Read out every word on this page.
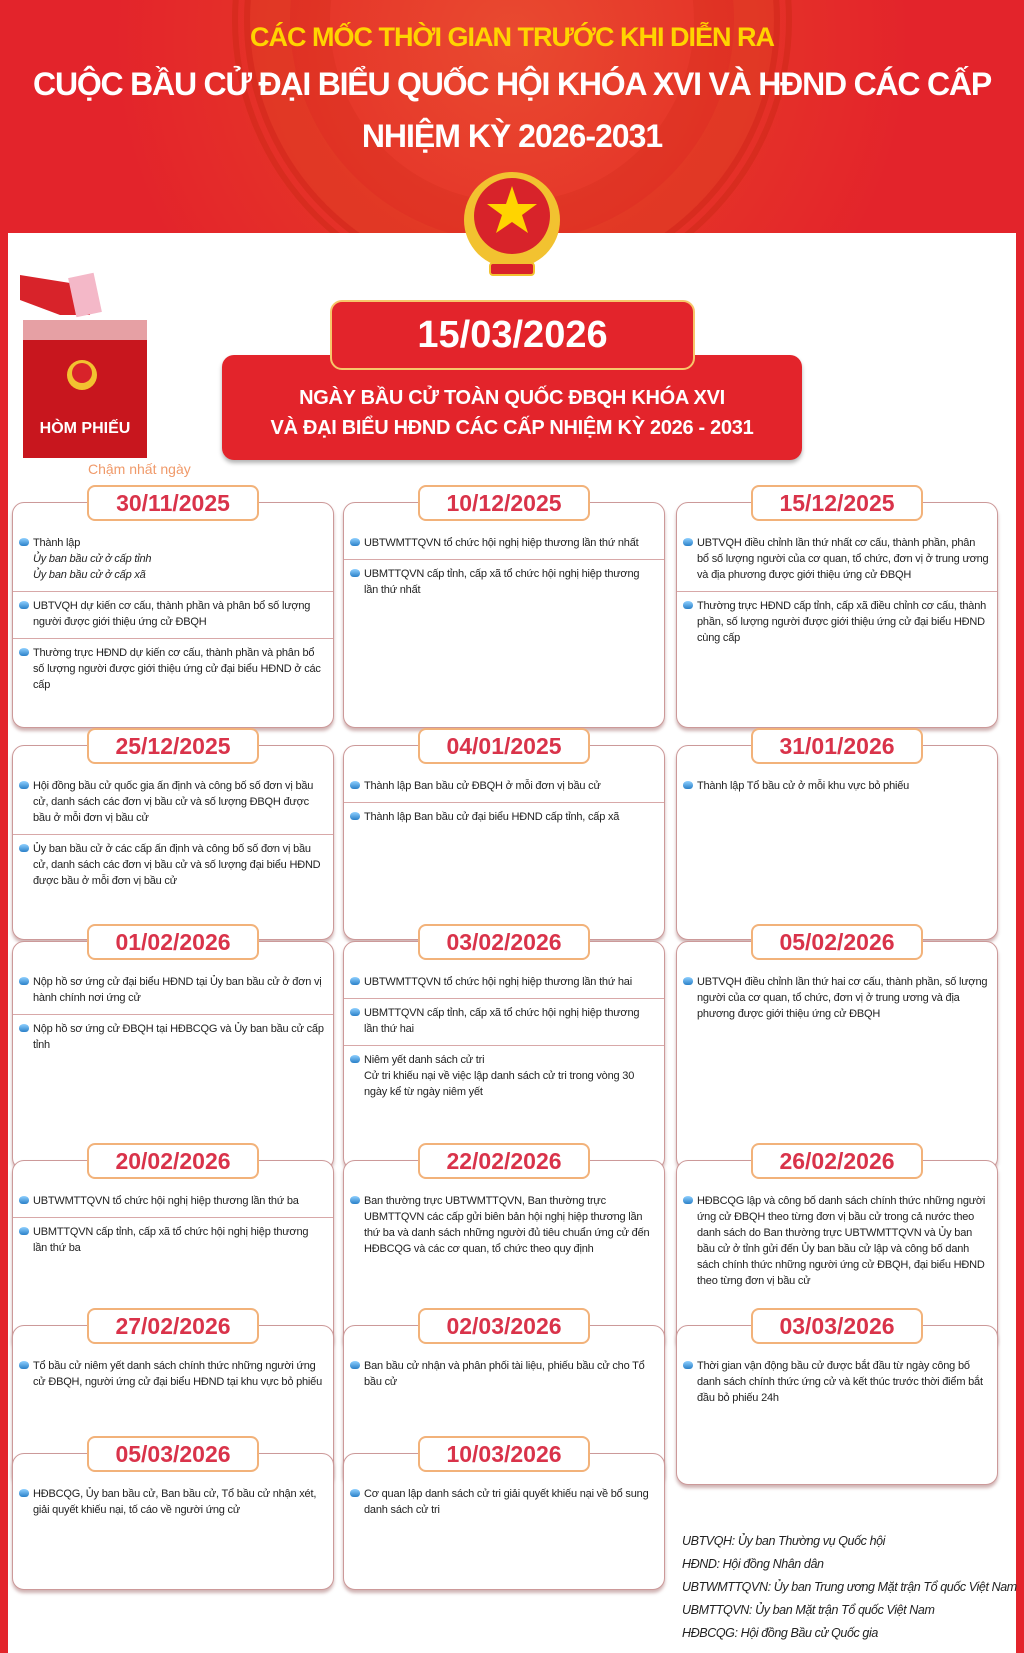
CÁC MỐC THỜI GIAN TRƯỚC KHI DIỄN RA
CUỘC BẦU CỬ ĐẠI BIỂU QUỐC HỘI KHÓA XVI VÀ HĐND CÁC CẤP
NHIỆM KỲ 2026-2031
HÒM PHIẾU
15/03/2026
NGÀY BẦU CỬ TOÀN QUỐC ĐBQH KHÓA XVI
VÀ ĐẠI BIỂU HĐND CÁC CẤP NHIỆM KỲ 2026 - 2031
Chậm nhất ngày
30/11/2025
Thành lập
Ủy ban bầu cử ở cấp tỉnh
Ủy ban bầu cử ở cấp xã
UBTVQH dự kiến cơ cấu, thành phần và phân bổ số lượng người được giới thiệu ứng cử ĐBQH
Thường trực HĐND dự kiến cơ cấu, thành phần và phân bổ số lượng người được giới thiệu ứng cử đại biểu HĐND ở các cấp
10/12/2025
UBTWMTTQVN tổ chức hội nghị hiệp thương lần thứ nhất
UBMTTQVN cấp tỉnh, cấp xã tổ chức hội nghị hiệp thương lần thứ nhất
15/12/2025
UBTVQH điều chỉnh lần thứ nhất cơ cấu, thành phần, phân bổ số lượng người của cơ quan, tổ chức, đơn vị ở trung ương và địa phương được giới thiệu ứng cử ĐBQH
Thường trực HĐND cấp tỉnh, cấp xã điều chỉnh cơ cấu, thành phần, số lượng người được giới thiệu ứng cử đại biểu HĐND cùng cấp
25/12/2025
Hội đồng bầu cử quốc gia ấn định và công bố số đơn vị bầu cử, danh sách các đơn vị bầu cử và số lượng ĐBQH được bầu ở mỗi đơn vị bầu cử
Ủy ban bầu cử ở các cấp ấn định và công bố số đơn vị bầu cử, danh sách các đơn vị bầu cử và số lượng đại biểu HĐND được bầu ở mỗi đơn vị bầu cử
04/01/2025
Thành lập Ban bầu cử ĐBQH ở mỗi đơn vị bầu cử
Thành lập Ban bầu cử đại biểu HĐND cấp tỉnh, cấp xã
31/01/2026
Thành lập Tổ bầu cử ở mỗi khu vực bỏ phiếu
01/02/2026
Nộp hồ sơ ứng cử đại biểu HĐND tại Ủy ban bầu cử ở đơn vị hành chính nơi ứng cử
Nộp hồ sơ ứng cử ĐBQH tại HĐBCQG và Ủy ban bầu cử cấp tỉnh
03/02/2026
UBTWMTTQVN tổ chức hội nghị hiệp thương lần thứ hai
UBMTTQVN cấp tỉnh, cấp xã tổ chức hội nghị hiệp thương lần thứ hai
Niêm yết danh sách cử tri
Cử tri khiếu nại về việc lập danh sách cử tri trong vòng 30 ngày kể từ ngày niêm yết
05/02/2026
UBTVQH điều chỉnh lần thứ hai cơ cấu, thành phần, số lượng người của cơ quan, tổ chức, đơn vị ở trung ương và địa phương được giới thiệu ứng cử ĐBQH
20/02/2026
UBTWMTTQVN tổ chức hội nghị hiệp thương lần thứ ba
UBMTTQVN cấp tỉnh, cấp xã tổ chức hội nghị hiệp thương lần thứ ba
22/02/2026
Ban thường trực UBTWMTTQVN, Ban thường trực UBMTTQVN các cấp gửi biên bản hội nghị hiệp thương lần thứ ba và danh sách những người đủ tiêu chuẩn ứng cử đến HĐBCQG và các cơ quan, tổ chức theo quy định
26/02/2026
HĐBCQG lập và công bố danh sách chính thức những người ứng cử ĐBQH theo từng đơn vị bầu cử trong cả nước theo danh sách do Ban thường trực UBTWMTTQVN và Ủy ban bầu cử ở tỉnh gửi đến Ủy ban bầu cử lập và công bố danh sách chính thức những người ứng cử ĐBQH, đại biểu HĐND theo từng đơn vị bầu cử
27/02/2026
Tổ bầu cử niêm yết danh sách chính thức những người ứng cử ĐBQH, người ứng cử đại biểu HĐND tại khu vực bỏ phiếu
02/03/2026
Ban bầu cử nhận và phân phối tài liệu, phiếu bầu cử cho Tổ bầu cử
03/03/2026
Thời gian vận động bầu cử được bắt đầu từ ngày công bố danh sách chính thức ứng cử và kết thúc trước thời điểm bắt đầu bỏ phiếu 24h
05/03/2026
HĐBCQG, Ủy ban bầu cử, Ban bầu cử, Tổ bầu cử nhận xét, giải quyết khiếu nại, tố cáo về người ứng cử
10/03/2026
Cơ quan lập danh sách cử tri giải quyết khiếu nại về bổ sung danh sách cử tri
UBTVQH: Ủy ban Thường vụ Quốc hội
HĐND: Hội đồng Nhân dân
UBTWMTTQVN: Ủy ban Trung ương Mặt trận Tổ quốc Việt Nam
UBMTTQVN: Ủy ban Mặt trận Tổ quốc Việt Nam
HĐBCQG: Hội đồng Bầu cử Quốc gia
